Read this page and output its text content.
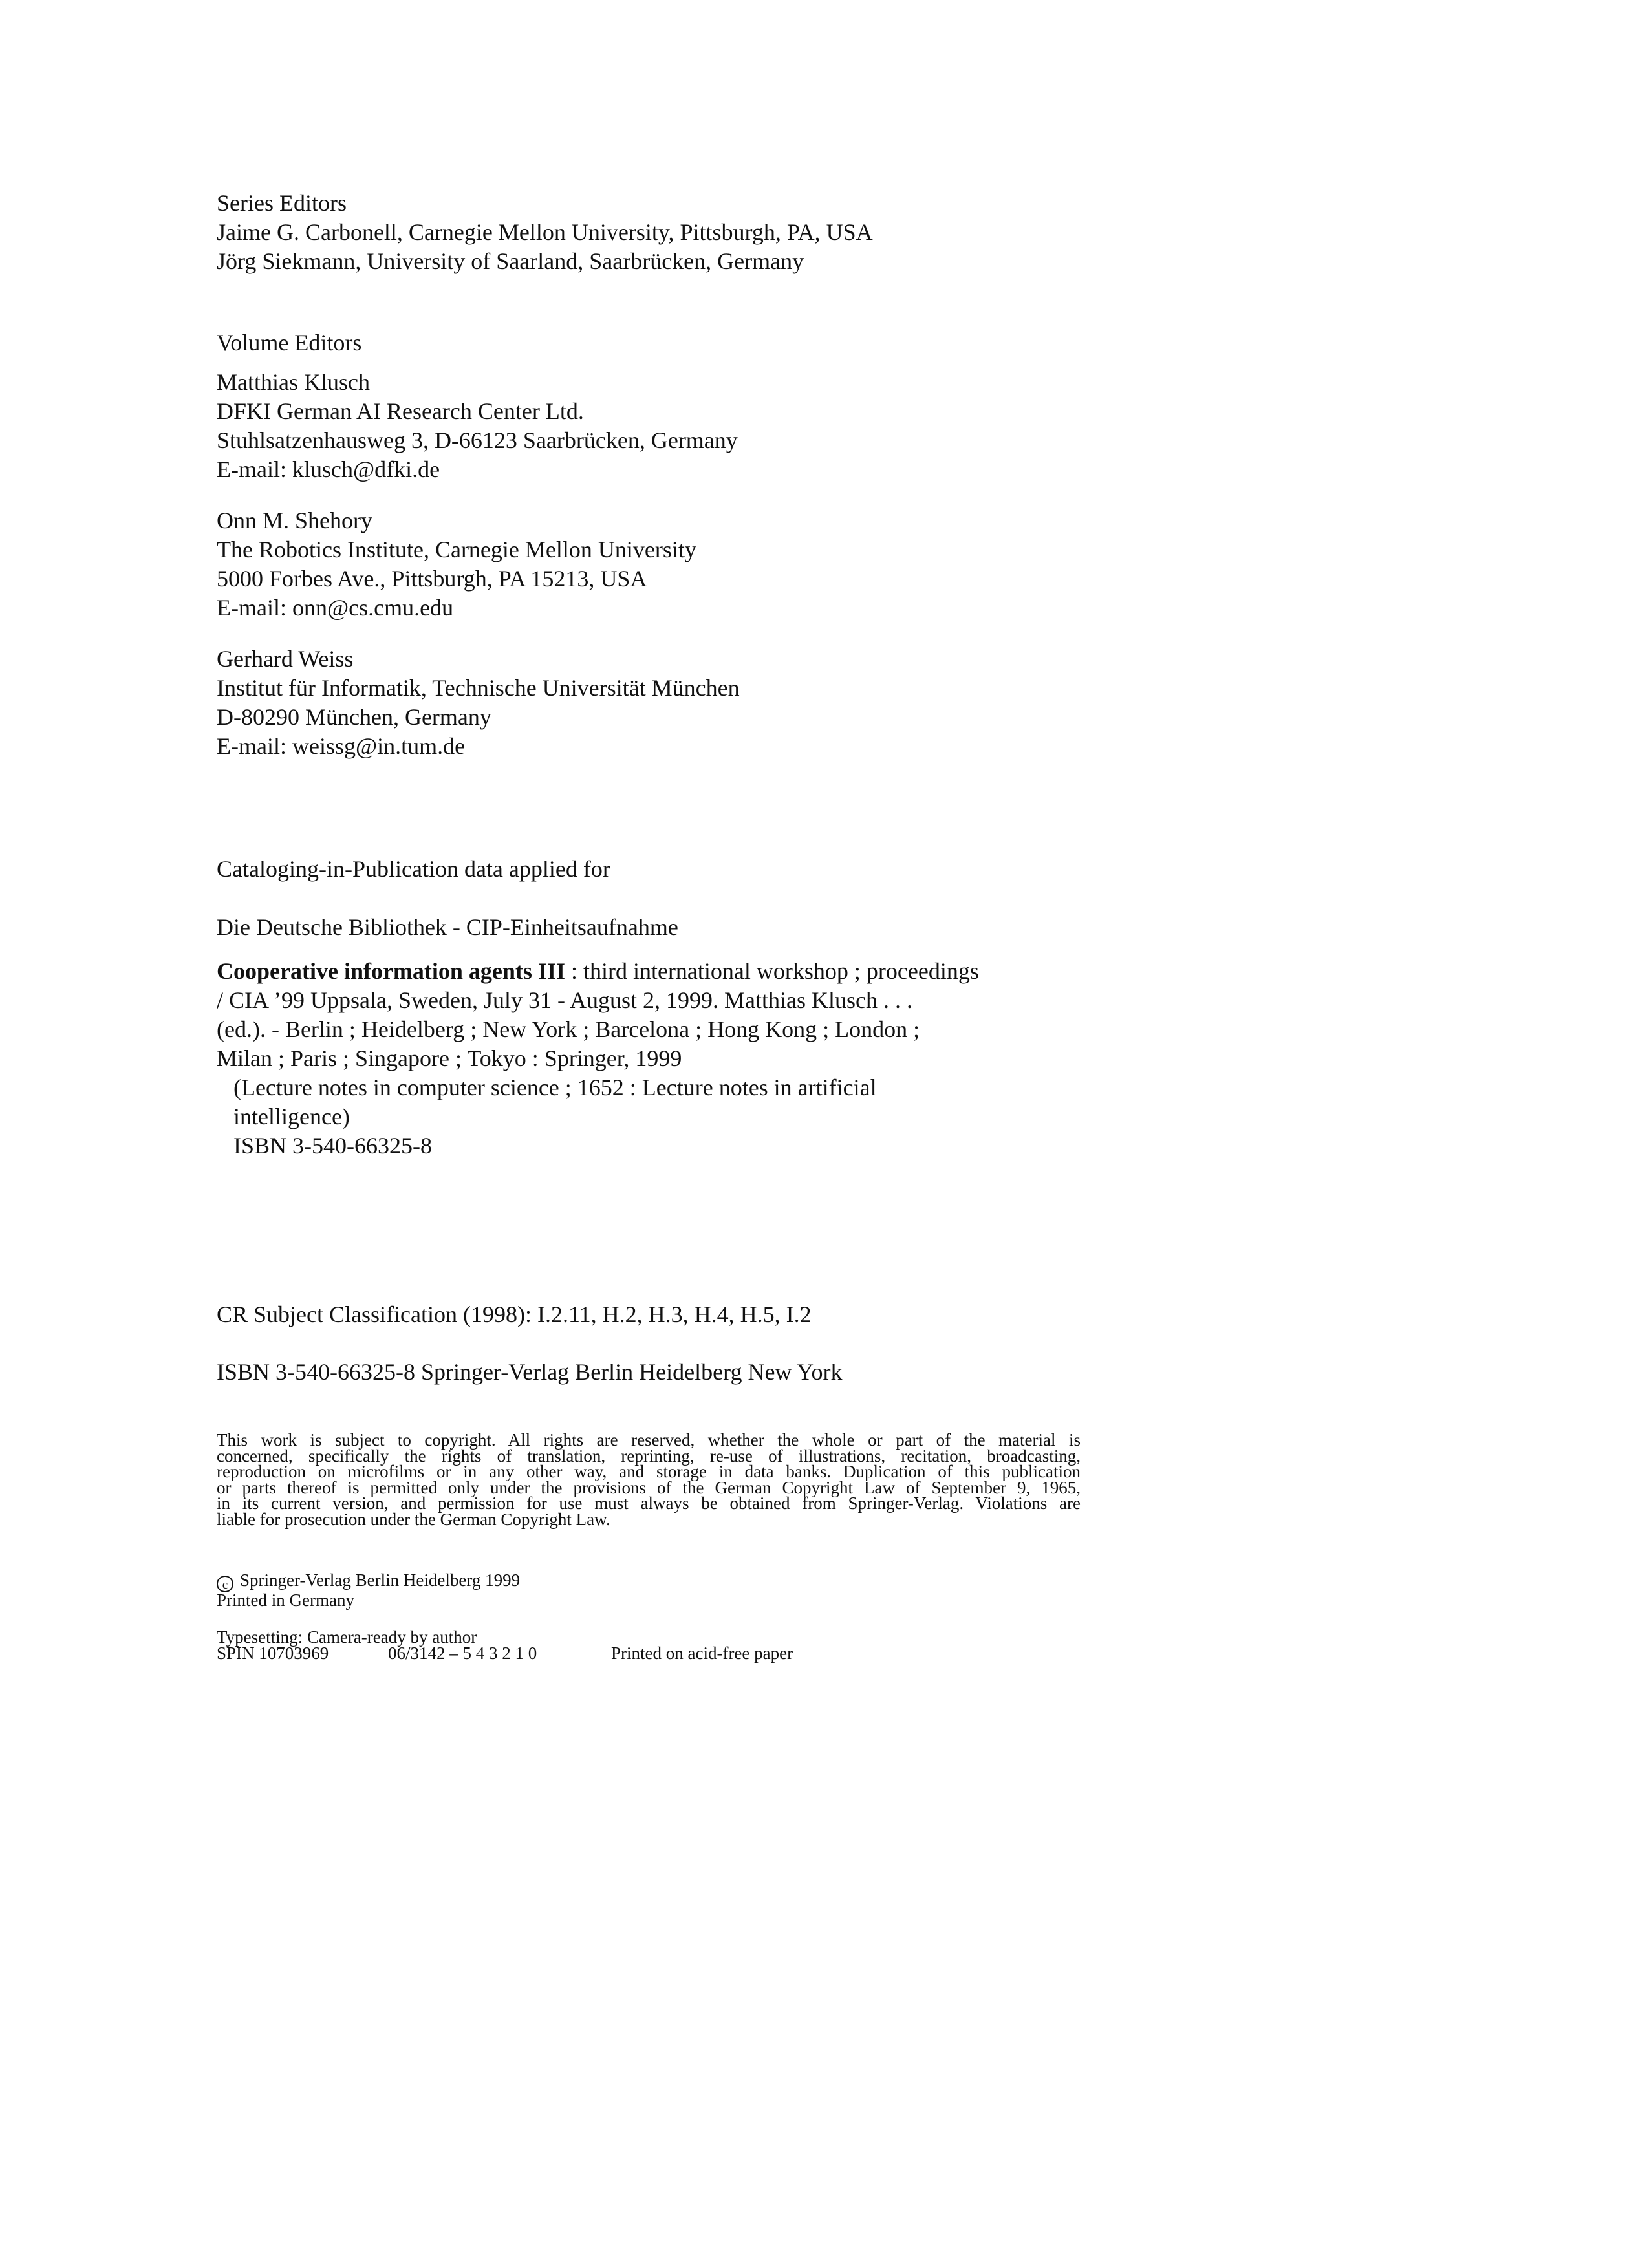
Series Editors
Jaime G. Carbonell, Carnegie Mellon University, Pittsburgh, PA, USA
Jörg Siekmann, University of Saarland, Saarbrücken, Germany
Volume Editors
Matthias Klusch
DFKI German AI Research Center Ltd.
Stuhlsatzenhausweg 3, D-66123 Saarbrücken, Germany
E-mail: klusch@dfki.de
Onn M. Shehory
The Robotics Institute, Carnegie Mellon University
5000 Forbes Ave., Pittsburgh, PA 15213, USA
E-mail: onn@cs.cmu.edu
Gerhard Weiss
Institut für Informatik, Technische Universität München
D-80290 München, Germany
E-mail: weissg@in.tum.de
Cataloging-in-Publication data applied for
Die Deutsche Bibliothek - CIP-Einheitsaufnahme
Cooperative information agents III : third international workshop ; proceedings
/ CIA ’99 Uppsala, Sweden, July 31 - August 2, 1999. Matthias Klusch . . .
(ed.). - Berlin ; Heidelberg ; New York ; Barcelona ; Hong Kong ; London ;
Milan ; Paris ; Singapore ; Tokyo : Springer, 1999
(Lecture notes in computer science ; 1652 : Lecture notes in artificial
intelligence)
ISBN 3-540-66325-8
CR Subject Classification (1998): I.2.11, H.2, H.3, H.4, H.5, I.2
ISBN 3-540-66325-8 Springer-Verlag Berlin Heidelberg New York
This work is subject to copyright. All rights are reserved, whether the whole or part of the material is
concerned, specifically the rights of translation, reprinting, re-use of illustrations, recitation, broadcasting,
reproduction on microfilms or in any other way, and storage in data banks. Duplication of this publication
or parts thereof is permitted only under the provisions of the German Copyright Law of September 9, 1965,
in its current version, and permission for use must always be obtained from Springer-Verlag. Violations are
liable for prosecution under the German Copyright Law.
c Springer-Verlag Berlin Heidelberg 1999
Printed in Germany
Typesetting: Camera-ready by author
SPIN 10703969	06/3142 – 5 4 3 2 1 0	Printed on acid-free paper
